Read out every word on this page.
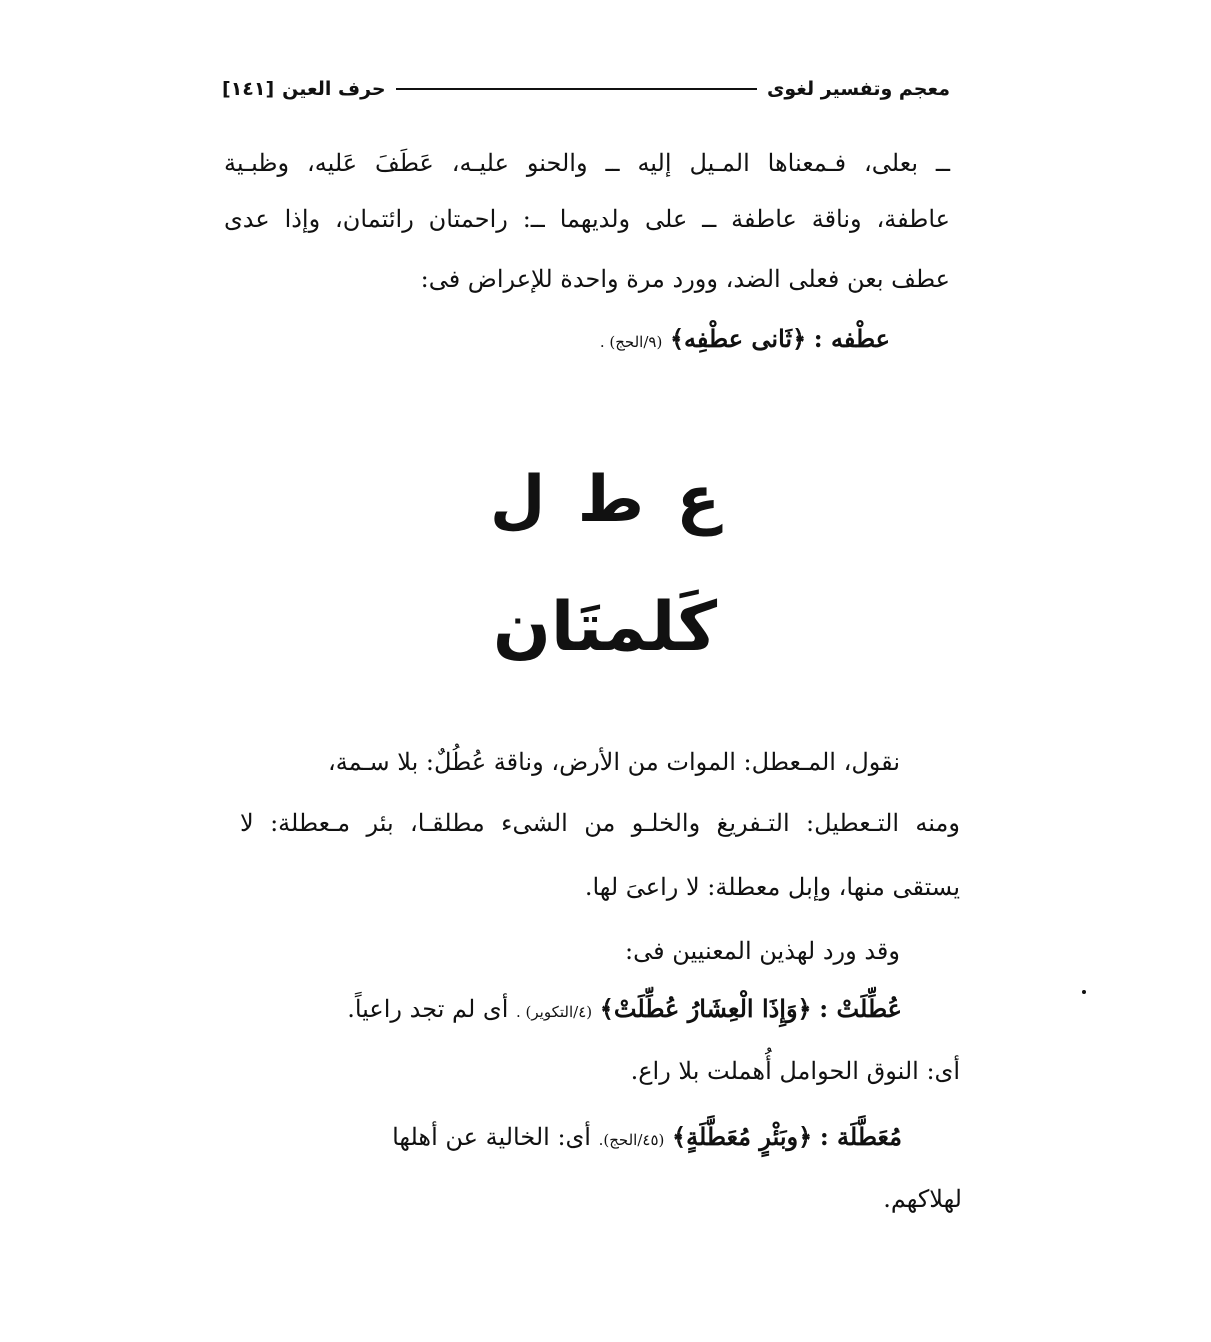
معجم وتفسير لغوى
حرف العين
[١٤١]
ــ بعلى، فـمعناها المـيل إليه ــ والحنو عليـه، عَطَفَ عَليه، وظبـية
عاطفة، وناقة عاطفة ــ على ولديهما ــ: راحمتان رائتمان، وإذا عدى
عطف بعن فعلى الضد، وورد مرة واحدة للإعراض فى:
عطْفه : ﴿ثَانى عطْفِه﴾ (٩/الحج) .
ع ط ل
كَلمتَان
نقول، المـعطل: الموات من الأرض، وناقة عُطُلٌ: بلا سـمة،
ومنه التـعطيل: التـفريغ والخلـو من الشىء مطلقـا، بئر مـعطلة: لا
يستقى منها، وإبل معطلة: لا راعىَ لها.
وقد ورد لهذين المعنيين فى:
عُطِّلَتْ : ﴿وَإِذَا الْعِشَارُ عُطِّلَتْ﴾ (٤/التكوير) . أى لم تجد راعياً.
أى: النوق الحوامل أُهملت بلا راع.
مُعَطَّلَة : ﴿وبَئْرٍ مُعَطَّلَةٍ﴾ (٤٥/الحج). أى: الخالية عن أهلها
لهلاكهم.
